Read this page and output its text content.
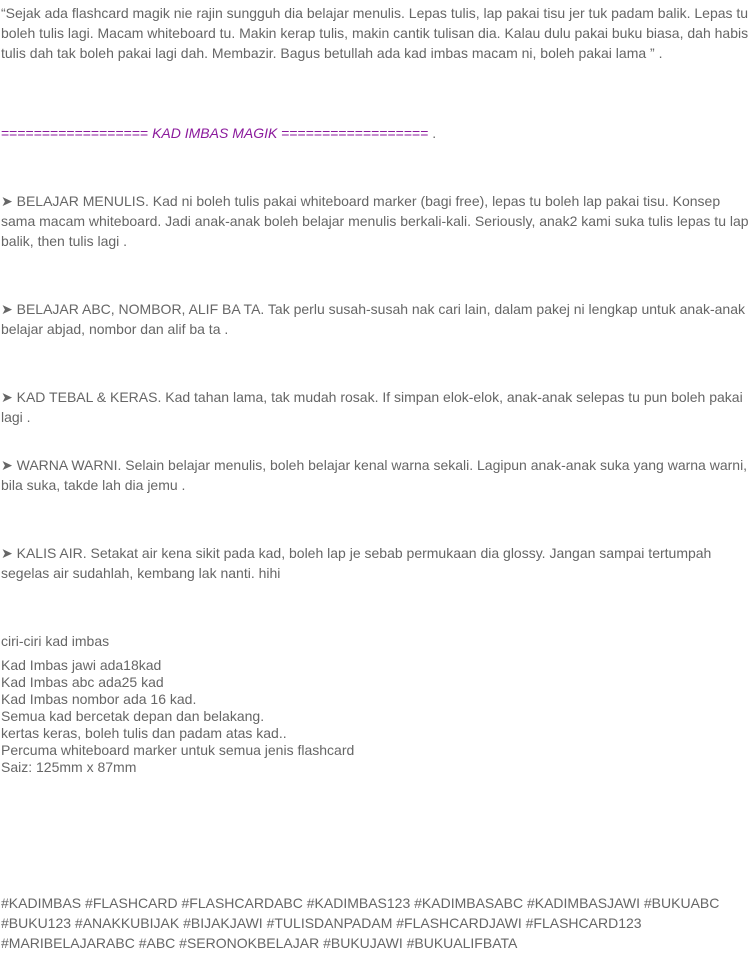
“Sejak ada flashcard magik nie rajin sungguh dia belajar menulis. Lepas tulis, lap pakai tisu jer tuk padam balik. Lepas tu boleh tulis lagi. Macam whiteboard tu. Makin kerap tulis, makin cantik tulisan dia. Kalau dulu pakai buku biasa, dah habis tulis dah tak boleh pakai lagi dah. Membazir. Bagus betullah ada kad imbas macam ni, boleh pakai lama ” .
================== KAD IMBAS MAGIK ================== .
➤ BELAJAR MENULIS. Kad ni boleh tulis pakai whiteboard marker (bagi free), lepas tu boleh lap pakai tisu. Konsep sama macam whiteboard. Jadi anak-anak boleh belajar menulis berkali-kali. Seriously, anak2 kami suka tulis lepas tu lap balik, then tulis lagi .
➤ BELAJAR ABC, NOMBOR, ALIF BA TA. Tak perlu susah-susah nak cari lain, dalam pakej ni lengkap untuk anak-anak belajar abjad, nombor dan alif ba ta .
➤ KAD TEBAL & KERAS. Kad tahan lama, tak mudah rosak. If simpan elok-elok, anak-anak selepas tu pun boleh pakai lagi .
➤ WARNA WARNI. Selain belajar menulis, boleh belajar kenal warna sekali. Lagipun anak-anak suka yang warna warni, bila suka, takde lah dia jemu .
➤ KALIS AIR. Setakat air kena sikit pada kad, boleh lap je sebab permukaan dia glossy. Jangan sampai tertumpah segelas air sudahlah, kembang lak nanti. hihi
ciri-ciri kad imbas
Kad Imbas jawi ada18kad
Kad Imbas abc ada25 kad
Kad Imbas nombor ada 16 kad.
Semua kad bercetak depan dan belakang.
kertas keras, boleh tulis dan padam atas kad..
Percuma whiteboard marker untuk semua jenis flashcard
Saiz: 125mm x 87mm
#KADIMBAS #FLASHCARD #FLASHCARDABC #KADIMBAS123 #KADIMBASABC #KADIMBASJAWI #BUKUABC #BUKU123 #ANAKKUBIJAK #BIJAKJAWI #TULISDANPADAM #FLASHCARDJAWI #FLASHCARD123 #MARIBELAJARABC #ABC #SERONOKBELAJAR #BUKUJAWI #BUKUALIFBATA
